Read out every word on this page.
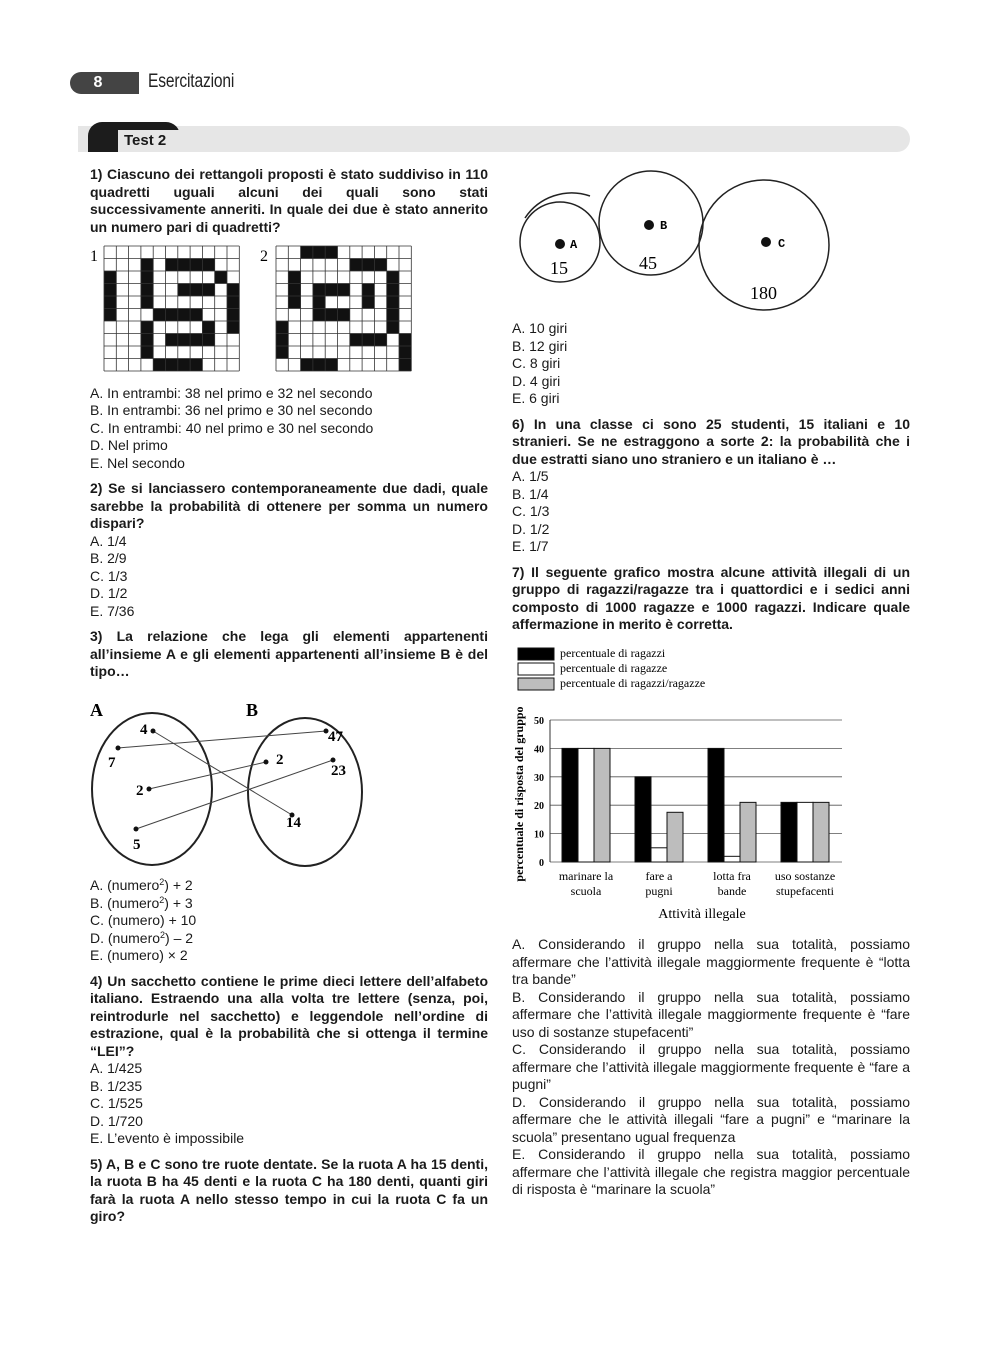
8	Esercitazioni
Test 2
1) Ciascuno dei rettangoli proposti è stato suddiviso in 110 quadretti uguali alcuni dei quali sono stati successivamente anneriti. In quale dei due è stato annerito un numero pari di quadretti?
1	2
A. In entrambi: 38 nel primo e 32 nel secondo
B. In entrambi: 36 nel primo e 30 nel secondo
C. In entrambi: 40 nel primo e 30 nel secondo
D. Nel primo
E. Nel secondo
2) Se si lanciassero contemporaneamente due dadi, quale sarebbe la probabilità di ottenere per somma un numero dispari?
A. 1/4
B. 2/9
C. 1/3
D. 1/2
E. 7/36
3) La relazione che lega gli elementi appartenenti all’insieme A e gli elementi appartenenti all’insieme B è del tipo…
A	B
4
7
2
5
47
2
23
14
A. (numero$^2$) + 2
B. (numero$^2$) + 3
C. (numero) + 10
D. (numero$^2$) – 2
E. (numero) × 2
4) Un sacchetto contiene le prime dieci lettere dell’alfabeto italiano. Estraendo una alla volta tre lettere (senza, poi, reintrodurle nel sacchetto) e leggendole nell’ordine di estrazione, qual è la probabilità che si ottenga il termine “LEI”?
A. 1/425
B. 1/235
C. 1/525
D. 1/720
E. L’evento è impossibile
5) A, B e C sono tre ruote dentate. Se la ruota A ha 15 denti, la ruota B ha 45 denti e la ruota C ha 180 denti, quanti giri farà la ruota A nello stesso tempo in cui la ruota C fa un giro?
A
B
C
15	45
180
A. 10 giri
B. 12 giri
C. 8 giri
D. 4 giri
E. 6 giri
6) In una classe ci sono 25 studenti, 15 italiani e 10 stranieri. Se ne estraggono a sorte 2: la probabilità che i due estratti siano uno straniero e un italiano è …
A. 1/5
B. 1/4
C. 1/3
D. 1/2
E. 1/7
7) Il seguente grafico mostra alcune attività illegali di un gruppo di ragazzi/ragazze tra i quattordici e i sedici anni composto di 1000 ragazze e 1000 ragazzi. Indicare quale affermazione in merito è corretta.
percentuale di ragazzi
percentuale di ragazze
percentuale di ragazzi/ragazze
0
10
20
30
40
50
marinare la scuola
fare a pugni
lotta fra bande
uso sostanze stupefacenti
Attività illegale
percentuale di risposta del gruppo
A. Considerando il gruppo nella sua totalità, possiamo affermare che l’attività illegale maggiormente frequente è “lotta tra bande”
B. Considerando il gruppo nella sua totalità, possiamo affermare che l’attività illegale maggiormente frequente è “fare uso di sostanze stupefacenti”
C. Considerando il gruppo nella sua totalità, possiamo affermare che l’attività illegale maggiormente frequente è “fare a pugni”
D. Considerando il gruppo nella sua totalità, possiamo affermare che le attività illegali “fare a pugni” e “marinare la scuola” presentano ugual frequenza
E. Considerando il gruppo nella sua totalità, possiamo affermare che l’attività illegale che registra maggior percentuale di risposta è “marinare la scuola”
